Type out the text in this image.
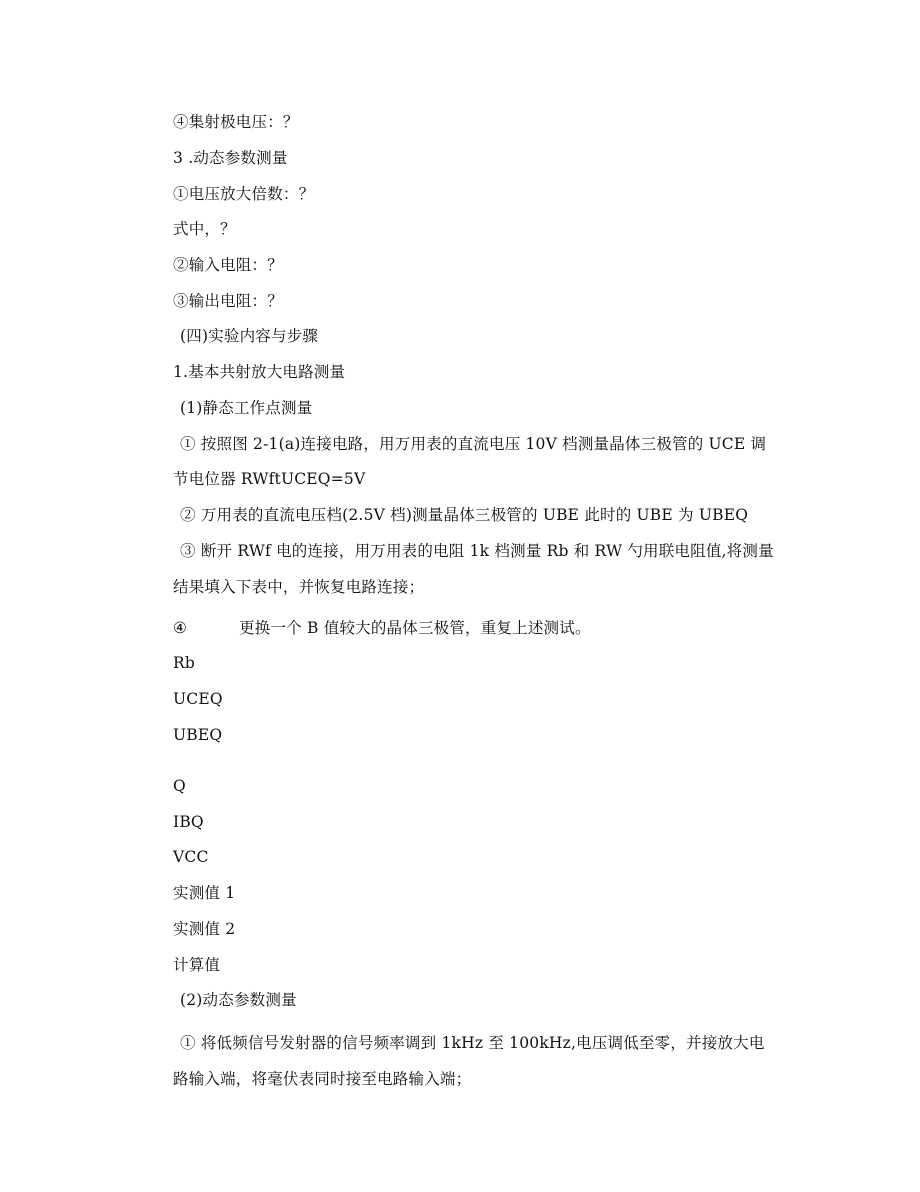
④集射极电压：？
3 .动态参数测量
①电压放大倍数：？
式中，？
②输入电阻：？
③输出电阻：？
(四)实验内容与步骤
1.基本共射放大电路测量
(1)静态工作点测量
① 按照图 2-1(a)连接电路，用万用表的直流电压 10V 档测量晶体三极管的 UCE 调
节电位器 RWftUCEQ=5V
② 万用表的直流电压档(2.5V 档)测量晶体三极管的 UBE 此时的 UBE 为 UBEQ
③ 断开 RWf 电的连接，用万用表的电阻 1k 档测量 Rb 和 RW 勺用联电阻值,将测量
结果填入下表中，并恢复电路连接；
④	更换一个 B 值较大的晶体三极管，重复上述测试。
Rb
UCEQ
UBEQ
Q
IBQ
VCC
实测值 1
实测值 2
计算值
(2)动态参数测量
① 将低频信号发射器的信号频率调到 1kHz 至 100kHz,电压调低至零，并接放大电
路输入端，将毫伏表同时接至电路输入端；
